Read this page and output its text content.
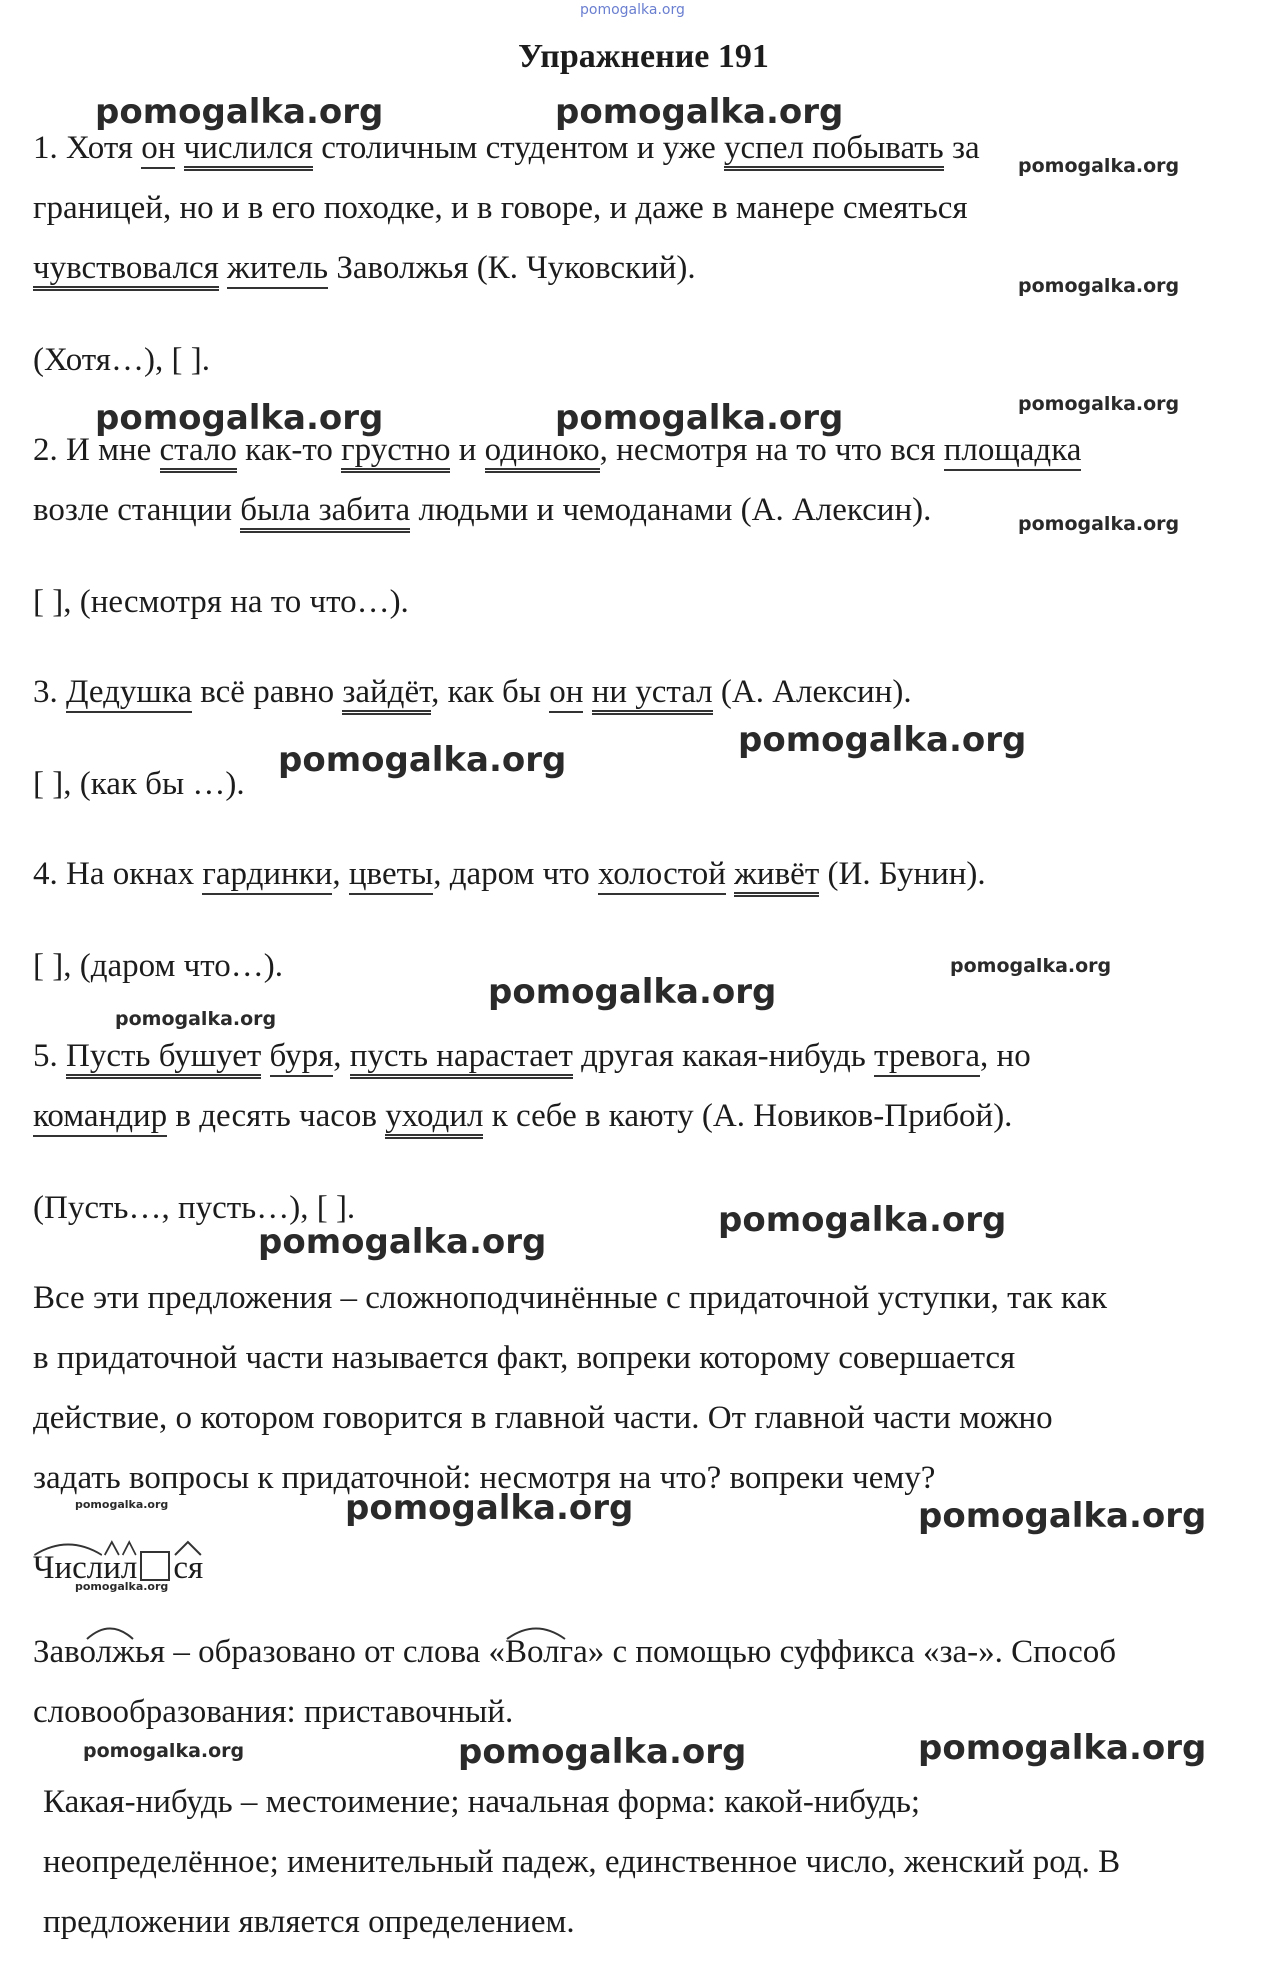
pomogalka.org
Упражнение 191
1. Хотя он числился столичным студентом и уже успел побывать за
границей, но и в его походке, и в говоре, и даже в манере смеяться
чувствовался житель Заволжья (К. Чуковский).
(Хотя…), [ ].
2. И мне стало как-то грустно и одиноко, несмотря на то что вся площадка
возле станции была забита людьми и чемоданами (А. Алексин).
[ ], (несмотря на то что…).
3. Дедушка всё равно зайдёт, как бы он ни устал (А. Алексин).
[ ], (как бы …).
4. На окнах гардинки, цветы, даром что холостой живёт (И. Бунин).
[ ], (даром что…).
5. Пусть бушует буря, пусть нарастает другая какая-нибудь тревога, но
командир в десять часов уходил к себе в каюту (А. Новиков-Прибой).
(Пусть…, пусть…), [ ].
Все эти предложения – сложноподчинённые с придаточной уступки, так как
в придаточной части называется факт, вопреки которому совершается
действие, о котором говорится в главной части. От главной части можно
задать вопросы к придаточной: несмотря на что? вопреки чему?
Числ
и
л ся
Заволжья – образовано от слова «
Волга» с помощью суффикса «за-». Способ
словообразования: приставочный.
Какая-нибудь – местоимение; начальная форма: какой-нибудь;
неопределённое; именительный падеж, единственное число, женский род. В
предложении является определением.
pomogalka.org	pomogalka.org
pomogalka.org
pomogalka.org
pomogalka.org
pomogalka.org	pomogalka.org
pomogalka.org
pomogalka.org	pomogalka.org
pomogalka.org
pomogalka.org
pomogalka.org
pomogalka.org
pomogalka.org
pomogalka.org	pomogalka.org	pomogalka.org
pomogalka.org
pomogalka.org	pomogalka.org	pomogalka.org
